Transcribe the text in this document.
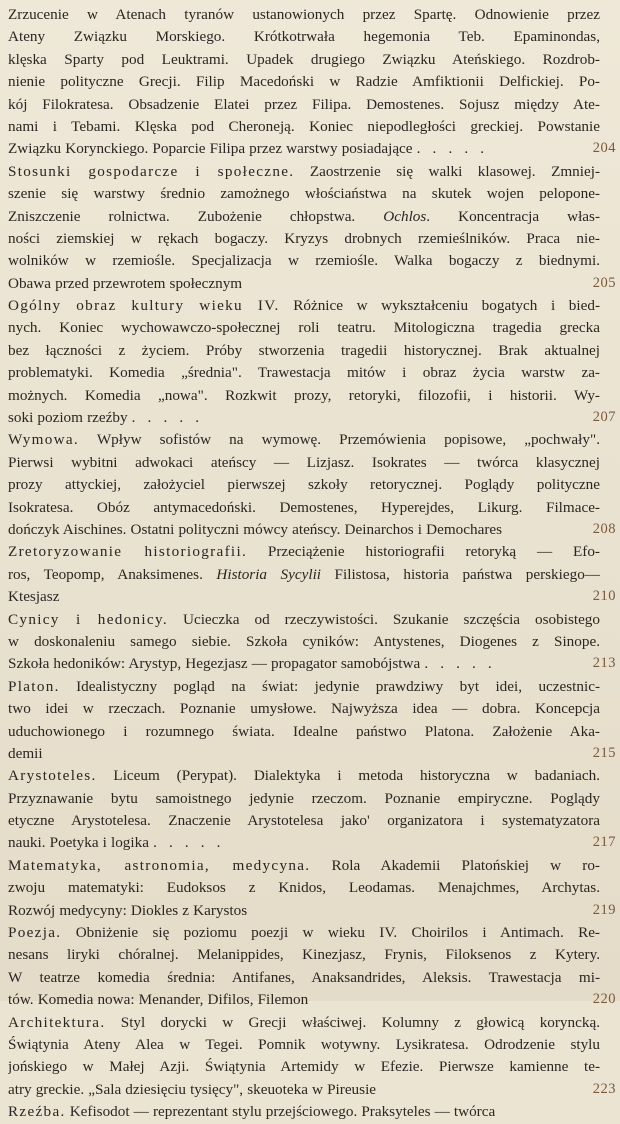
Zrzucenie w Atenach tyranów ustanowionych przez Spartę. Odnowienie przez
Ateny Związku Morskiego. Krótkotrwała hegemonia Teb. Epaminondas,
klęska Sparty pod Leuktrami. Upadek drugiego Związku Ateńskiego. Rozdrob-
nienie polityczne Grecji. Filip Macedoński w Radzie Amfiktionii Delfickiej. Po-
kój Filokratesa. Obsadzenie Elatei przez Filipa. Demostenes. Sojusz między Ate-
nami i Tebami. Klęska pod Cheroneją. Koniec niepodległości greckiej. Powstanie
Związku Korynckiego. Poparcie Filipa przez warstwy posiadające . . . . .	204
Stosunki gospodarcze i społeczne. Zaostrzenie się walki klasowej. Zmniej-
szenie się warstwy średnio zamożnego włościaństwa na skutek wojen pelopone-
Zniszczenie rolnictwa. Zubożenie chłopstwa. Ochlos. Koncentracja włas-
ności ziemskiej w rękach bogaczy. Kryzys drobnych rzemieślników. Praca nie-
wolników w rzemiośle. Specjalizacja w rzemiośle. Walka bogaczy z biednymi.
Obawa przed przewrotem społecznym	205
Ogólny obraz kultury wieku IV. Różnice w wykształceniu bogatych i bied-
nych. Koniec wychowawczo-społecznej roli teatru. Mitologiczna tragedia grecka
bez łączności z życiem. Próby stworzenia tragedii historycznej. Brak aktualnej
problematyki. Komedia „średnia". Trawestacja mitów i obraz życia warstw za-
możnych. Komedia „nowa". Rozkwit prozy, retoryki, filozofii, i historii. Wy-
soki poziom rzeźby . . . . .	207
Wymowa. Wpływ sofistów na wymowę. Przemówienia popisowe, „pochwały".
Pierwsi wybitni adwokaci ateńscy — Lizjasz. Isokrates — twórca klasycznej
prozy attyckiej, założyciel pierwszej szkoły retorycznej. Poglądy polityczne
Isokratesa. Obóz antymacedoński. Demostenes, Hyperejdes, Likurg. Filmace-
dończyk Aischines. Ostatni polityczni mówcy ateńscy. Deinarchos i Demochares	208
Zretoryzowanie historiografii. Przeciążenie historiografii retoryką — Efo-
ros, Teopomp, Anaksimenes. Historia Sycylii Filistosa, historia państwa perskiego—
Ktesjasz	210
Cynicy i hedonicy. Ucieczka od rzeczywistości. Szukanie szczęścia osobistego
w doskonaleniu samego siebie. Szkoła cyników: Antystenes, Diogenes z Sinope.
Szkoła hedoników: Arystyp, Hegezjasz — propagator samobójstwa . . . . .	213
Platon. Idealistyczny pogląd na świat: jedynie prawdziwy byt idei, uczestnic-
two idei w rzeczach. Poznanie umysłowe. Najwyższa idea — dobra. Koncepcja
uduchowionego i rozumnego świata. Idealne państwo Platona. Założenie Aka-
demii	215
Arystoteles. Liceum (Perypat). Dialektyka i metoda historyczna w badaniach.
Przyznawanie bytu samoistnego jedynie rzeczom. Poznanie empiryczne. Poglądy
etyczne Arystotelesa. Znaczenie Arystotelesa jako' organizatora i systematyzatora
nauki. Poetyka i logika . . . . .	217
Matematyka, astronomia, medycyna. Rola Akademii Platońskiej w ro-
zwoju matematyki: Eudoksos z Knidos, Leodamas. Menajchmes, Archytas.
Rozwój medycyny: Diokles z Karystos	219
Poezja. Obniżenie się poziomu poezji w wieku IV. Choirilos i Antimach. Re-
nesans liryki chóralnej. Melanippides, Kinezjasz, Frynis, Filoksenos z Kytery.
W teatrze komedia średnia: Antifanes, Anaksandrides, Aleksis. Trawestacja mi-
tów. Komedia nowa: Menander, Difilos, Filemon	220
Architektura. Styl dorycki w Grecji właściwej. Kolumny z głowicą koryncką.
Świątynia Ateny Alea w Tegei. Pomnik wotywny. Lysikratesa. Odrodzenie stylu
jońskiego w Małej Azji. Świątynia Artemidy w Efezie. Pierwsze kamienne te-
atry greckie. „Sala dziesięciu tysięcy", skeuoteka w Pireusie	223
Rzeźba. Kefisodot — reprezentant stylu przejściowego. Praksyteles — twórca
